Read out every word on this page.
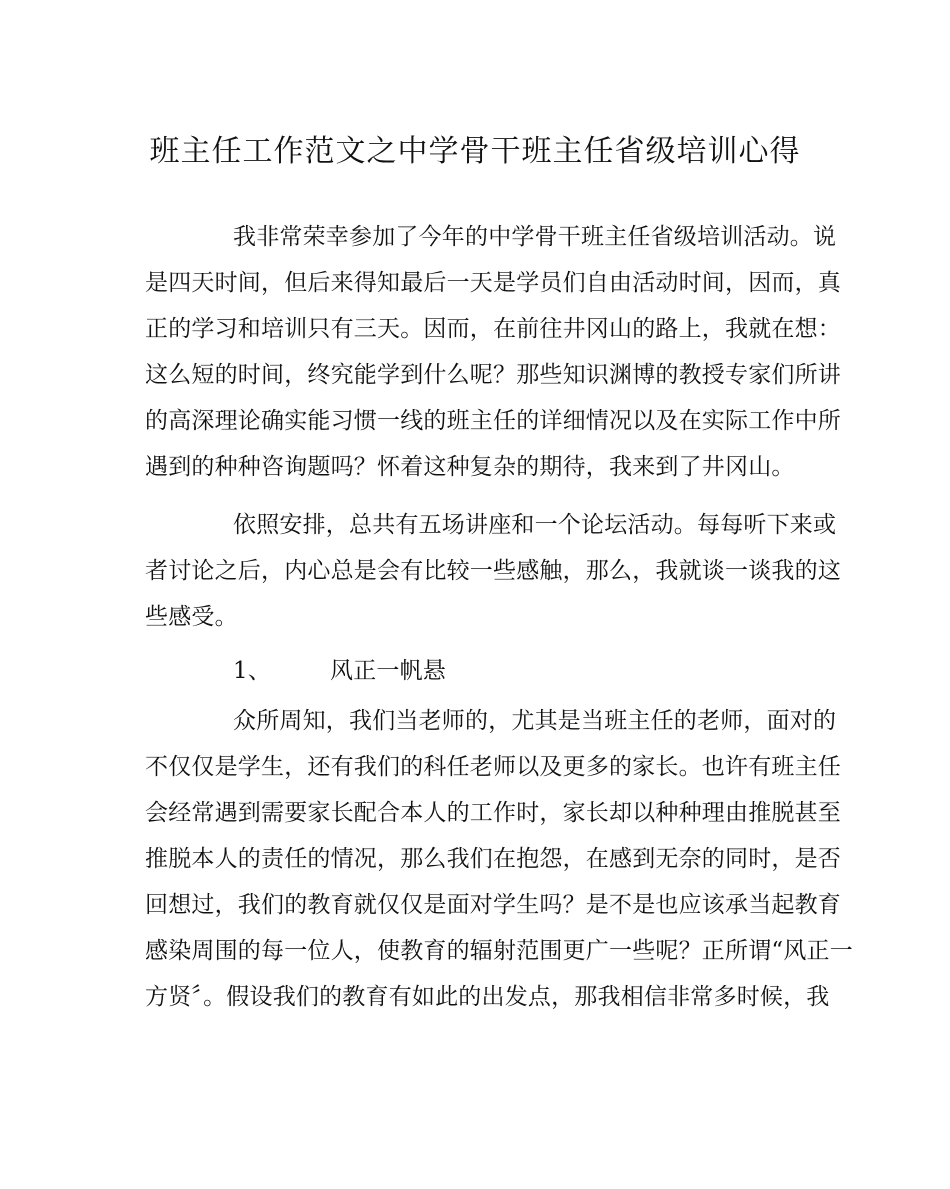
班主任工作范文之中学骨干班主任省级培训心得
我非常荣幸参加了今年的中学骨干班主任省级培训活动。说
是四天时间，但后来得知最后一天是学员们自由活动时间，因而，真
正的学习和培训只有三天。因而，在前往井冈山的路上，我就在想：
这么短的时间，终究能学到什么呢？那些知识渊博的教授专家们所讲
的高深理论确实能习惯一线的班主任的详细情况以及在实际工作中所
遇到的种种咨询题吗？怀着这种复杂的期待，我来到了井冈山。
依照安排，总共有五场讲座和一个论坛活动。每每听下来或
者讨论之后，内心总是会有比较一些感触，那么，我就谈一谈我的这
些感受。
1、	风正一帆悬
众所周知，我们当老师的，尤其是当班主任的老师，面对的
不仅仅是学生，还有我们的科任老师以及更多的家长。也许有班主任
会经常遇到需要家长配合本人的工作时，家长却以种种理由推脱甚至
推脱本人的责任的情况，那么我们在抱怨，在感到无奈的同时，是否
回想过，我们的教育就仅仅是面对学生吗？是不是也应该承当起教育
感染周围的每一位人，使教育的辐射范围更广一些呢？正所谓“风正一
方贤〞。假设我们的教育有如此的出发点，那我相信非常多时候，我
